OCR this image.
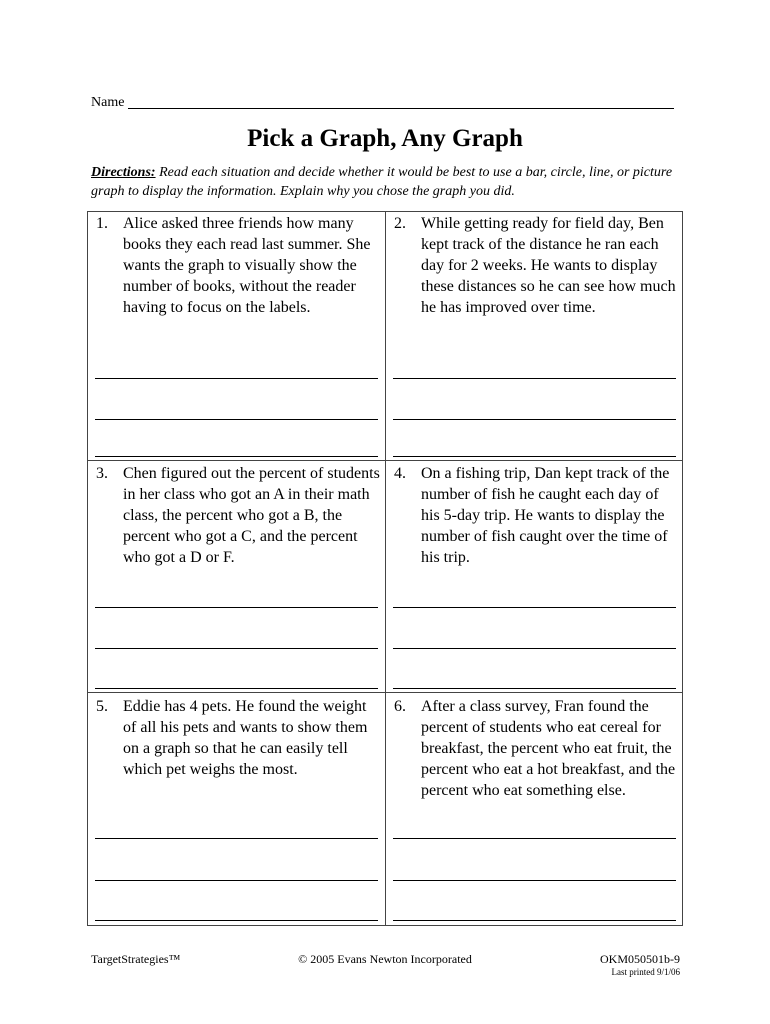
Name
Pick a Graph, Any Graph
Directions: Read each situation and decide whether it would be best to use a bar, circle, line, or picture graph to display the information. Explain why you chose the graph you did.
1. Alice asked three friends how many books they each read last summer. She wants the graph to visually show the number of books, without the reader having to focus on the labels.
2. While getting ready for field day, Ben kept track of the distance he ran each day for 2 weeks. He wants to display these distances so he can see how much he has improved over time.
3. Chen figured out the percent of students in her class who got an A in their math class, the percent who got a B, the percent who got a C, and the percent who got a D or F.
4. On a fishing trip, Dan kept track of the number of fish he caught each day of his 5-day trip. He wants to display the number of fish caught over the time of his trip.
5. Eddie has 4 pets. He found the weight of all his pets and wants to show them on a graph so that he can easily tell which pet weighs the most.
6. After a class survey, Fran found the percent of students who eat cereal for breakfast, the percent who eat fruit, the percent who eat a hot breakfast, and the percent who eat something else.
TargetStrategies™	© 2005 Evans Newton Incorporated	OKM050501b-9
Last printed 9/1/06
